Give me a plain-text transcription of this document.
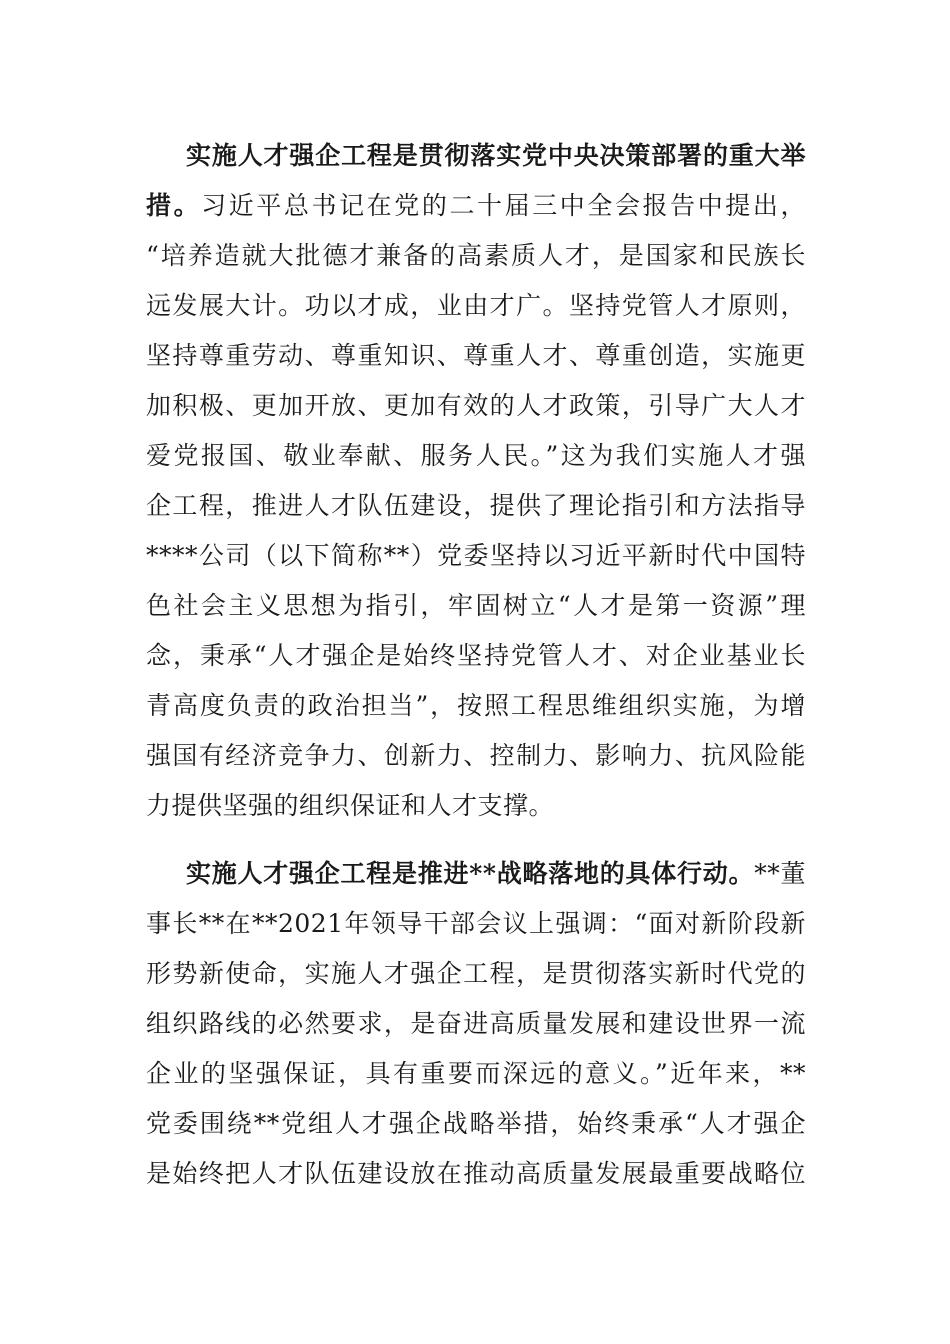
实施人才强企工程是贯彻落实党中央决策部署的重大举
措。习近平总书记在党的二十届三中全会报告中提出，
“培养造就大批德才兼备的高素质人才，是国家和民族长
远发展大计。功以才成，业由才广。坚持党管人才原则，
坚持尊重劳动、尊重知识、尊重人才、尊重创造，实施更
加积极、更加开放、更加有效的人才政策，引导广大人才
爱党报国、敬业奉献、服务人民。”这为我们实施人才强
企工程，推进人才队伍建设，提供了理论指引和方法指导
****公司（以下简称**）党委坚持以习近平新时代中国特
色社会主义思想为指引，牢固树立“人才是第一资源”理
念，秉承“人才强企是始终坚持党管人才、对企业基业长
青高度负责的政治担当”，按照工程思维组织实施，为增
强国有经济竞争力、创新力、控制力、影响力、抗风险能
力提供坚强的组织保证和人才支撑。
实施人才强企工程是推进**战略落地的具体行动。**董
事长**在**2021年领导干部会议上强调：“面对新阶段新
形势新使命，实施人才强企工程，是贯彻落实新时代党的
组织路线的必然要求，是奋进高质量发展和建设世界一流
企业的坚强保证，具有重要而深远的意义。”近年来，**
党委围绕**党组人才强企战略举措，始终秉承“人才强企
是始终把人才队伍建设放在推动高质量发展最重要战略位
